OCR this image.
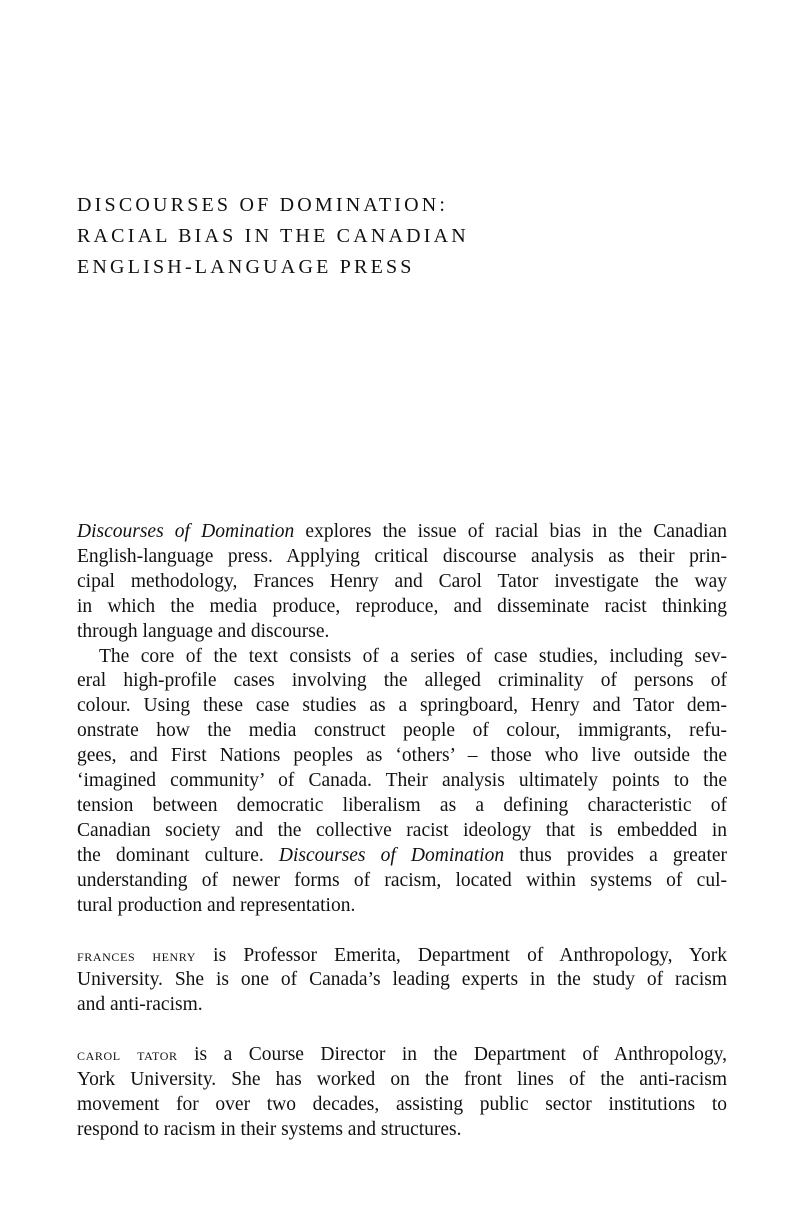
DISCOURSES OF DOMINATION:
RACIAL BIAS IN THE CANADIAN
ENGLISH-LANGUAGE PRESS
Discourses of Domination explores the issue of racial bias in the Canadian
English-language press. Applying critical discourse analysis as their prin-
cipal methodology, Frances Henry and Carol Tator investigate the way
in which the media produce, reproduce, and disseminate racist thinking
through language and discourse.
The core of the text consists of a series of case studies, including sev-
eral high-profile cases involving the alleged criminality of persons of
colour. Using these case studies as a springboard, Henry and Tator dem-
onstrate how the media construct people of colour, immigrants, refu-
gees, and First Nations peoples as ‘others’ – those who live outside the
‘imagined community’ of Canada. Their analysis ultimately points to the
tension between democratic liberalism as a defining characteristic of
Canadian society and the collective racist ideology that is embedded in
the dominant culture. Discourses of Domination thus provides a greater
understanding of newer forms of racism, located within systems of cul-
tural production and representation.
frances henry is Professor Emerita, Department of Anthropology, York
University. She is one of Canada’s leading experts in the study of racism
and anti-racism.
carol tator is a Course Director in the Department of Anthropology,
York University. She has worked on the front lines of the anti-racism
movement for over two decades, assisting public sector institutions to
respond to racism in their systems and structures.
